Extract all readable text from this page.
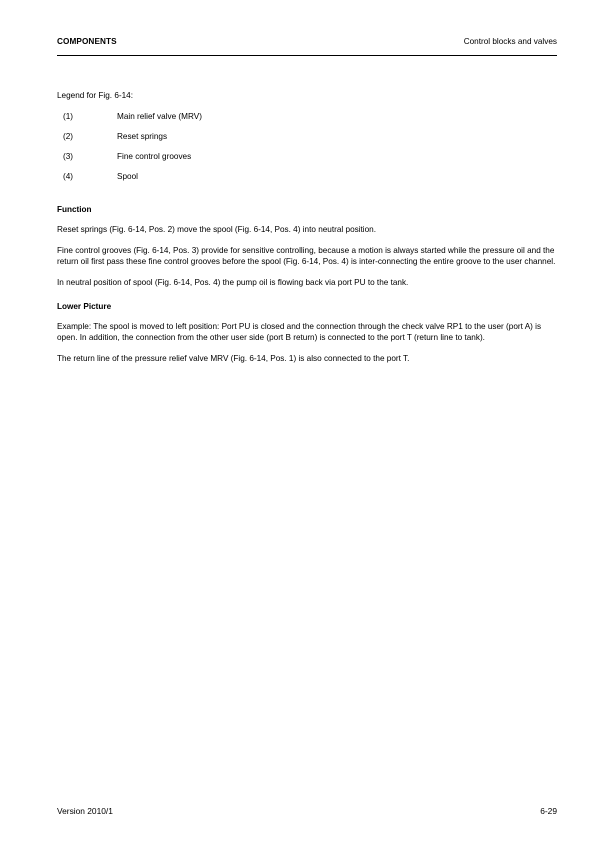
COMPONENTS	Control blocks and valves

Legend for Fig. 6-14:

(1)	Main relief valve (MRV)
(2)	Reset springs
(3)	Fine control grooves
(4)	Spool
Function

Reset springs (Fig. 6-14, Pos. 2) move the spool (Fig. 6-14, Pos. 4) into neutral position.

Fine control grooves (Fig. 6-14, Pos. 3) provide for sensitive controlling, because a motion is always started while the pressure oil and the return oil first pass these fine control grooves before the spool (Fig. 6-14, Pos. 4) is inter-connecting the entire groove to the user channel.

In neutral position of spool (Fig. 6-14, Pos. 4) the pump oil is flowing back via port PU to the tank.

Lower Picture

Example: The spool is moved to left position: Port PU is closed and the connection through the check valve RP1 to the user (port A) is open. In addition, the connection from the other user side (port B return) is connected to the port T (return line to tank).

The return line of the pressure relief valve MRV (Fig. 6-14, Pos. 1) is also connected to the port T.

Version 2010/1	6-29
